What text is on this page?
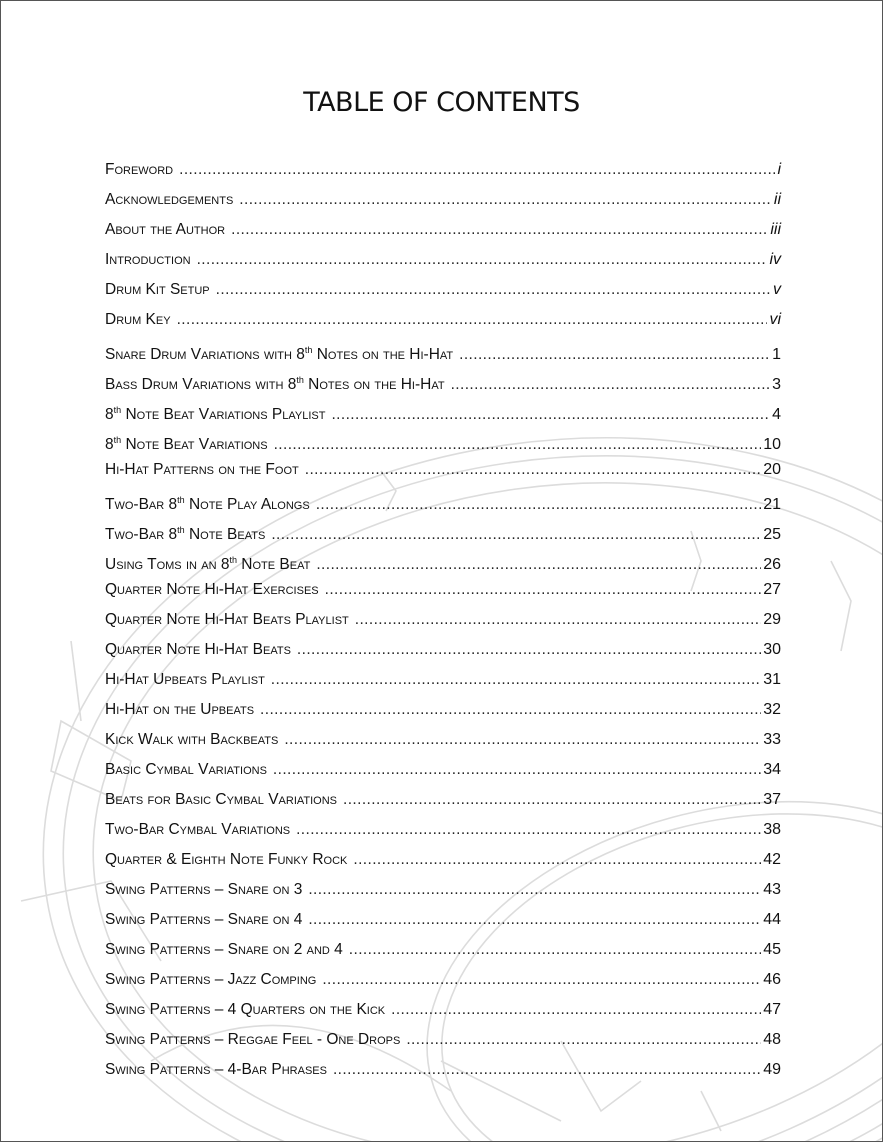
TABLE OF CONTENTS
Foreword .....	i
Acknowledgements .....	ii
About the Author .....	iii
Introduction .....	iv
Drum Kit Setup .....	v
Drum Key .....	vi
Snare Drum Variations with 8th Notes on the Hi-Hat .....	1
Bass Drum Variations with 8th Notes on the Hi-Hat .....	3
8th Note Beat Variations Playlist .....	4
8th Note Beat Variations .....	10
Hi-Hat Patterns on the Foot .....	20
Two-Bar 8th Note Play Alongs .....	21
Two-Bar 8th Note Beats .....	25
Using Toms in an 8th Note Beat .....	26
Quarter Note Hi-Hat Exercises .....	27
Quarter Note Hi-Hat Beats Playlist .....	29
Quarter Note Hi-Hat Beats .....	30
Hi-Hat Upbeats Playlist .....	31
Hi-Hat on the Upbeats .....	32
Kick Walk with Backbeats .....	33
Basic Cymbal Variations .....	34
Beats for Basic Cymbal Variations .....	37
Two-Bar Cymbal Variations .....	38
Quarter & Eighth Note Funky Rock .....	42
Swing Patterns – Snare on 3 .....	43
Swing Patterns – Snare on 4 .....	44
Swing Patterns – Snare on 2 and 4 .....	45
Swing Patterns – Jazz Comping .....	46
Swing Patterns – 4 Quarters on the Kick .....	47
Swing Patterns – Reggae Feel - One Drops .....	48
Swing Patterns – 4-Bar Phrases .....	49
